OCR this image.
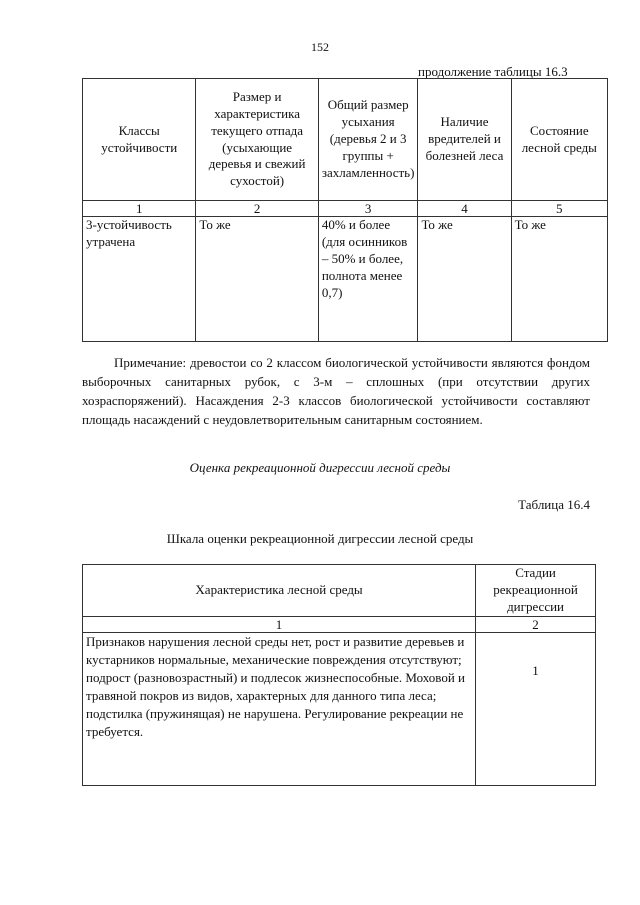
152
продолжение таблицы 16.3
Классы устойчивости	Размер и характеристика текущего отпада (усыхающие деревья и свежий сухостой)	Общий размер усыхания (деревья 2 и 3 группы + захламленность)	Наличие вредителей и болезней леса	Состояние лесной среды
1	2	3	4	5
3-устойчивость утрачена	То же	40% и более (для осинников – 50% и более, полнота менее 0,7)	То же	То же

Примечание: древостои со 2 классом биологической устойчивости являются фондом выборочных санитарных рубок, с 3-м – сплошных (при отсутствии других хозраспоряжений). Насаждения 2-3 классов биологической устойчивости составляют площадь насаждений с неудовлетворительным санитарным состоянием.

Оценка рекреационной дигрессии лесной среды
Таблица 16.4
Шкала оценки рекреационной дигрессии лесной среды
Характеристика лесной среды	Стадии рекреационной дигрессии
1	2
Признаков нарушения лесной среды нет, рост и развитие деревьев и кустарников нормальные, механические повреждения отсутствуют; подрост (разновозрастный) и подлесок жизнеспособные. Моховой и травяной покров из видов, характерных для данного типа леса; подстилка (пружинящая) не нарушена. Регулирование рекреации не требуется.	1
